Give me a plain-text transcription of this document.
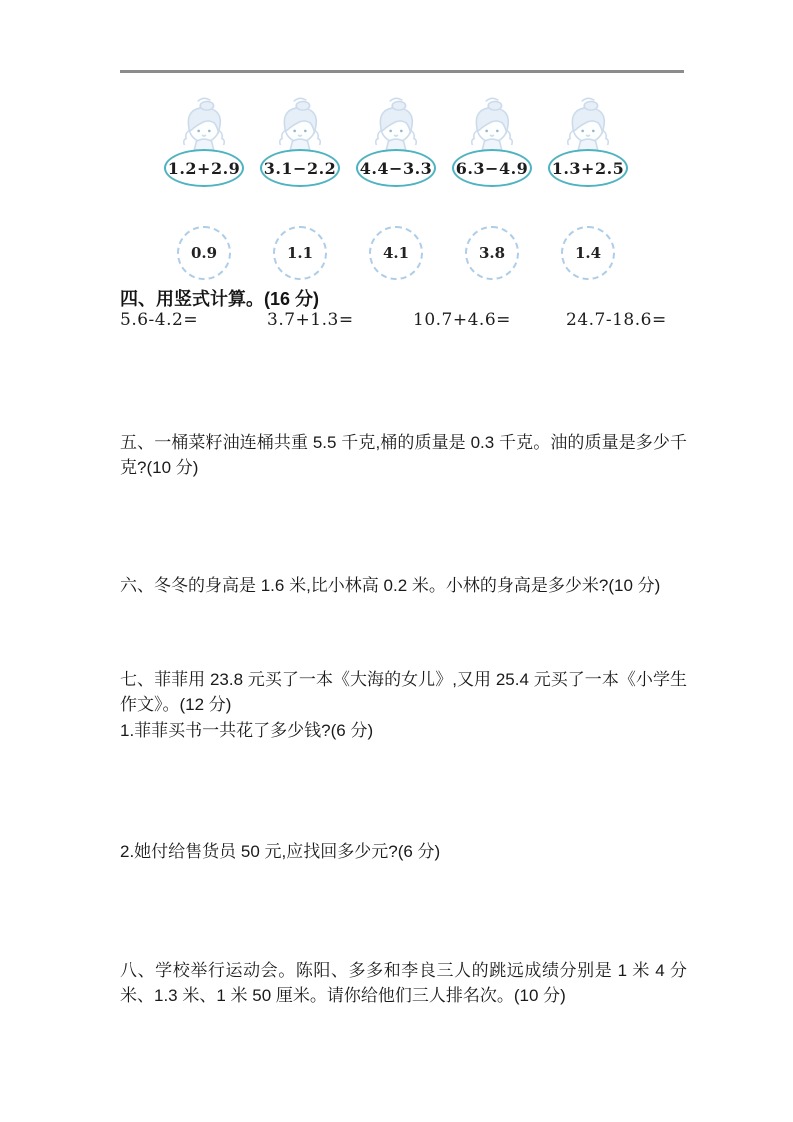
1.2+2.9 3.1−2.2 4.4−3.3 6.3−4.9 1.3+2.5
0.9	1.1	4.1	3.8	1.4
四、用竖式计算。(16 分)
5.6-4.2=	3.7+1.3=	10.7+4.6=	24.7-18.6=
五、一桶菜籽油连桶共重 5.5 千克,桶的质量是 0.3 千克。油的质量是多少千克?(10 分)
六、冬冬的身高是 1.6 米,比小林高 0.2 米。小林的身高是多少米?(10 分)
七、菲菲用 23.8 元买了一本《大海的女儿》,又用 25.4 元买了一本《小学生作文》。(12 分)
1.菲菲买书一共花了多少钱?(6 分)
2.她付给售货员 50 元,应找回多少元?(6 分)
八、学校举行运动会。陈阳、多多和李良三人的跳远成绩分别是 1 米 4 分米、1.3 米、1 米 50 厘米。请你给他们三人排名次。(10 分)
